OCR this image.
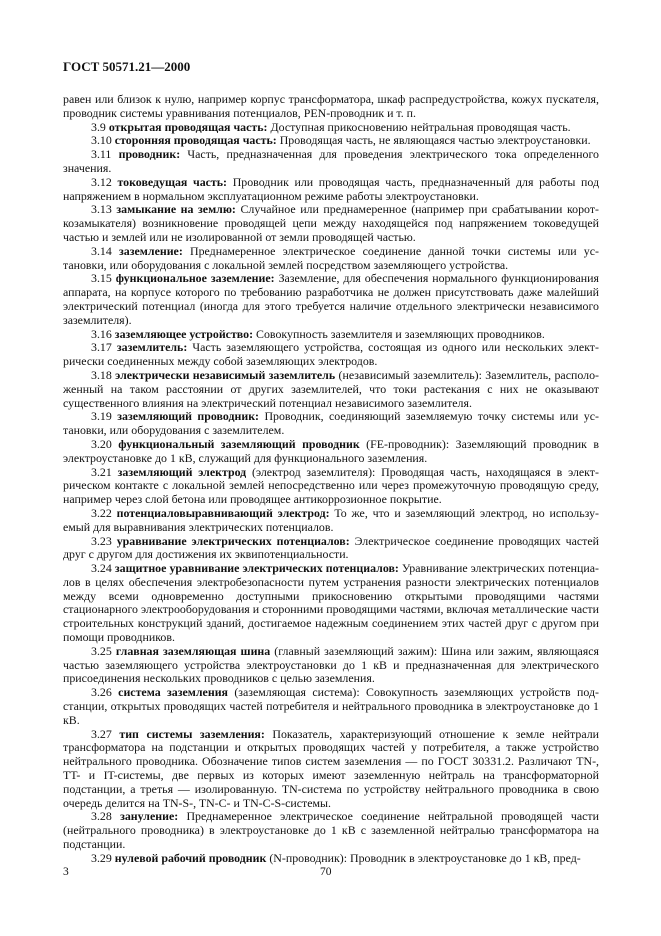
ГОСТ 50571.21—2000

равен или близок к нулю, например корпус трансформатора, шкаф распредустройства, кожух пускателя, проводник системы уравнивания потенциалов, PEN-проводник и т. п.

3.9 открытая проводящая часть: Доступная прикосновению нейтральная проводящая часть.

3.10 сторонняя проводящая часть: Проводящая часть, не являющаяся частью электроустановки.

3.11 проводник: Часть, предназначенная для проведения электрического тока определенного значения.

3.12 токоведущая часть: Проводник или проводящая часть, предназначенный для работы под напряжением в нормальном эксплуатационном режиме работы электроустановки.

3.13 замыкание на землю: Случайное или преднамеренное (например при срабатывании короткозамыкателя) возникновение проводящей цепи между находящейся под напряжением токоведущей частью и землей или не изолированной от земли проводящей частью.

3.14 заземление: Преднамеренное электрическое соединение данной точки системы или установки, или оборудования с локальной землей посредством заземляющего устройства.

3.15 функциональное заземление: Заземление, для обеспечения нормального функционирования аппарата, на корпусе которого по требованию разработчика не должен присутствовать даже малейший электрический потенциал (иногда для этого требуется наличие отдельного электрически независимого заземлителя).

3.16 заземляющее устройство: Совокупность заземлителя и заземляющих проводников.

3.17 заземлитель: Часть заземляющего устройства, состоящая из одного или нескольких электрически соединенных между собой заземляющих электродов.

3.18 электрически независимый заземлитель (независимый заземлитель): Заземлитель, расположенный на таком расстоянии от других заземлителей, что токи растекания с них не оказывают существенного влияния на электрический потенциал независимого заземлителя.

3.19 заземляющий проводник: Проводник, соединяющий заземляемую точку системы или установки, или оборудования с заземлителем.

3.20 функциональный заземляющий проводник (FE-проводник): Заземляющий проводник в электроустановке до 1 кВ, служащий для функционального заземления.

3.21 заземляющий электрод (электрод заземлителя): Проводящая часть, находящаяся в электрическом контакте с локальной землей непосредственно или через промежуточную проводящую среду, например через слой бетона или проводящее антикоррозионное покрытие.

3.22 потенциаловыравнивающий электрод: То же, что и заземляющий электрод, но используемый для выравнивания электрических потенциалов.

3.23 уравнивание электрических потенциалов: Электрическое соединение проводящих частей друг с другом для достижения их эквипотенциальности.

3.24 защитное уравнивание электрических потенциалов: Уравнивание электрических потенциалов в целях обеспечения электробезопасности путем устранения разности электрических потенциалов между всеми одновременно доступными прикосновению открытыми проводящими частями стационарного электрооборудования и сторонними проводящими частями, включая металлические части строительных конструкций зданий, достигаемое надежным соединением этих частей друг с другом при помощи проводников.

3.25 главная заземляющая шина (главный заземляющий зажим): Шина или зажим, являющаяся частью заземляющего устройства электроустановки до 1 кВ и предназначенная для электрического присоединения нескольких проводников с целью заземления.

3.26 система заземления (заземляющая система): Совокупность заземляющих устройств подстанции, открытых проводящих частей потребителя и нейтрального проводника в электроустановке до 1 кВ.

3.27 тип системы заземления: Показатель, характеризующий отношение к земле нейтрали трансформатора на подстанции и открытых проводящих частей у потребителя, а также устройство нейтрального проводника. Обозначение типов систем заземления — по ГОСТ 30331.2. Различают TN-, TT- и IT-системы, две первых из которых имеют заземленную нейтраль на трансформаторной подстанции, а третья — изолированную. TN-система по устройству нейтрального проводника в свою очередь делится на TN-S-, TN-C- и TN-C-S-системы.

3.28 зануление: Преднамеренное электрическое соединение нейтральной проводящей части (нейтрального проводника) в электроустановке до 1 кВ с заземленной нейтралью трансформатора на подстанции.

3.29 нулевой рабочий проводник (N-проводник): Проводник в электроустановке до 1 кВ, пред-

3	70
